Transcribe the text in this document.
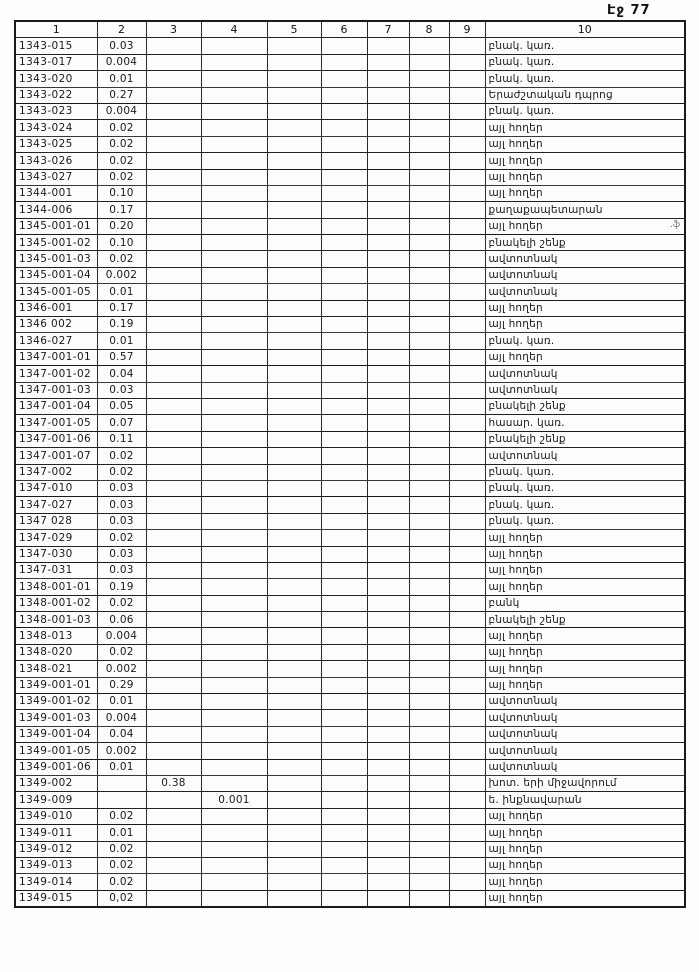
Էջ 77
.ֆ
1	2	3	4	5	6	7	8	9	10
1343-015	0.03								բնակ. կառ.
1343-017	0.004								բնակ. կառ.
1343-020	0.01								բնակ. կառ.
1343-022	0.27								Երաժշտական դպրոց
1343-023	0.004								բնակ. կառ.
1343-024	0.02								այլ հողեր
1343-025	0.02								այլ հողեր
1343-026	0.02								այլ հողեր
1343-027	0.02								այլ հողեր
1344-001	0.10								այլ հողեր
1344-006	0.17								քաղաքապետարան
1345-001-01	0.20								այլ հողեր
1345-001-02	0.10								բնակելի շենք
1345-001-03	0.02								ավտոտնակ
1345-001-04	0.002								ավտոտնակ
1345-001-05	0.01								ավտոտնակ
1346-001	0.17								այլ հողեր
1346 002	0.19								այլ հողեր
1346-027	0.01								բնակ. կառ.
1347-001-01	0.57								այլ հողեր
1347-001-02	0.04								ավտոտնակ
1347-001-03	0.03								ավտոտնակ
1347-001-04	0.05								բնակելի շենք
1347-001-05	0.07								հասար. կառ.
1347-001-06	0.11								բնակելի շենք
1347-001-07	0.02								ավտոտնակ
1347-002	0.02								բնակ. կառ.
1347-010	0.03								բնակ. կառ.
1347-027	0.03								բնակ. կառ.
1347 028	0.03								բնակ. կառ.
1347-029	0.02								այլ հողեր
1347-030	0.03								այլ հողեր
1347-031	0.03								այլ հողեր
1348-001-01	0.19								այլ հողեր
1348-001-02	0.02								բանկ
1348-001-03	0.06								բնակելի շենք
1348-013	0.004								այլ հողեր
1348-020	0.02								այլ հողեր
1348-021	0.002								այլ հողեր
1349-001-01	0.29								այլ հողեր
1349-001-02	0.01								ավտոտնակ
1349-001-03	0.004								ավտոտնակ
1349-001-04	0.04								ավտոտնակ
1349-001-05	0.002								ավտոտնակ
1349-001-06	0.01								ավտոտնակ
1349-002		0.38							խոտ. երի միջավորում
1349-009			0.001						ե. ինքնավարան
1349-010	0.02								այլ հողեր
1349-011	0.01								այլ հողեր
1349-012	0.02								այլ հողեր
1349-013	0.02								այլ հողեր
1349-014	0.02								այլ հողեր
1349-015	0,02								այլ հողեր
